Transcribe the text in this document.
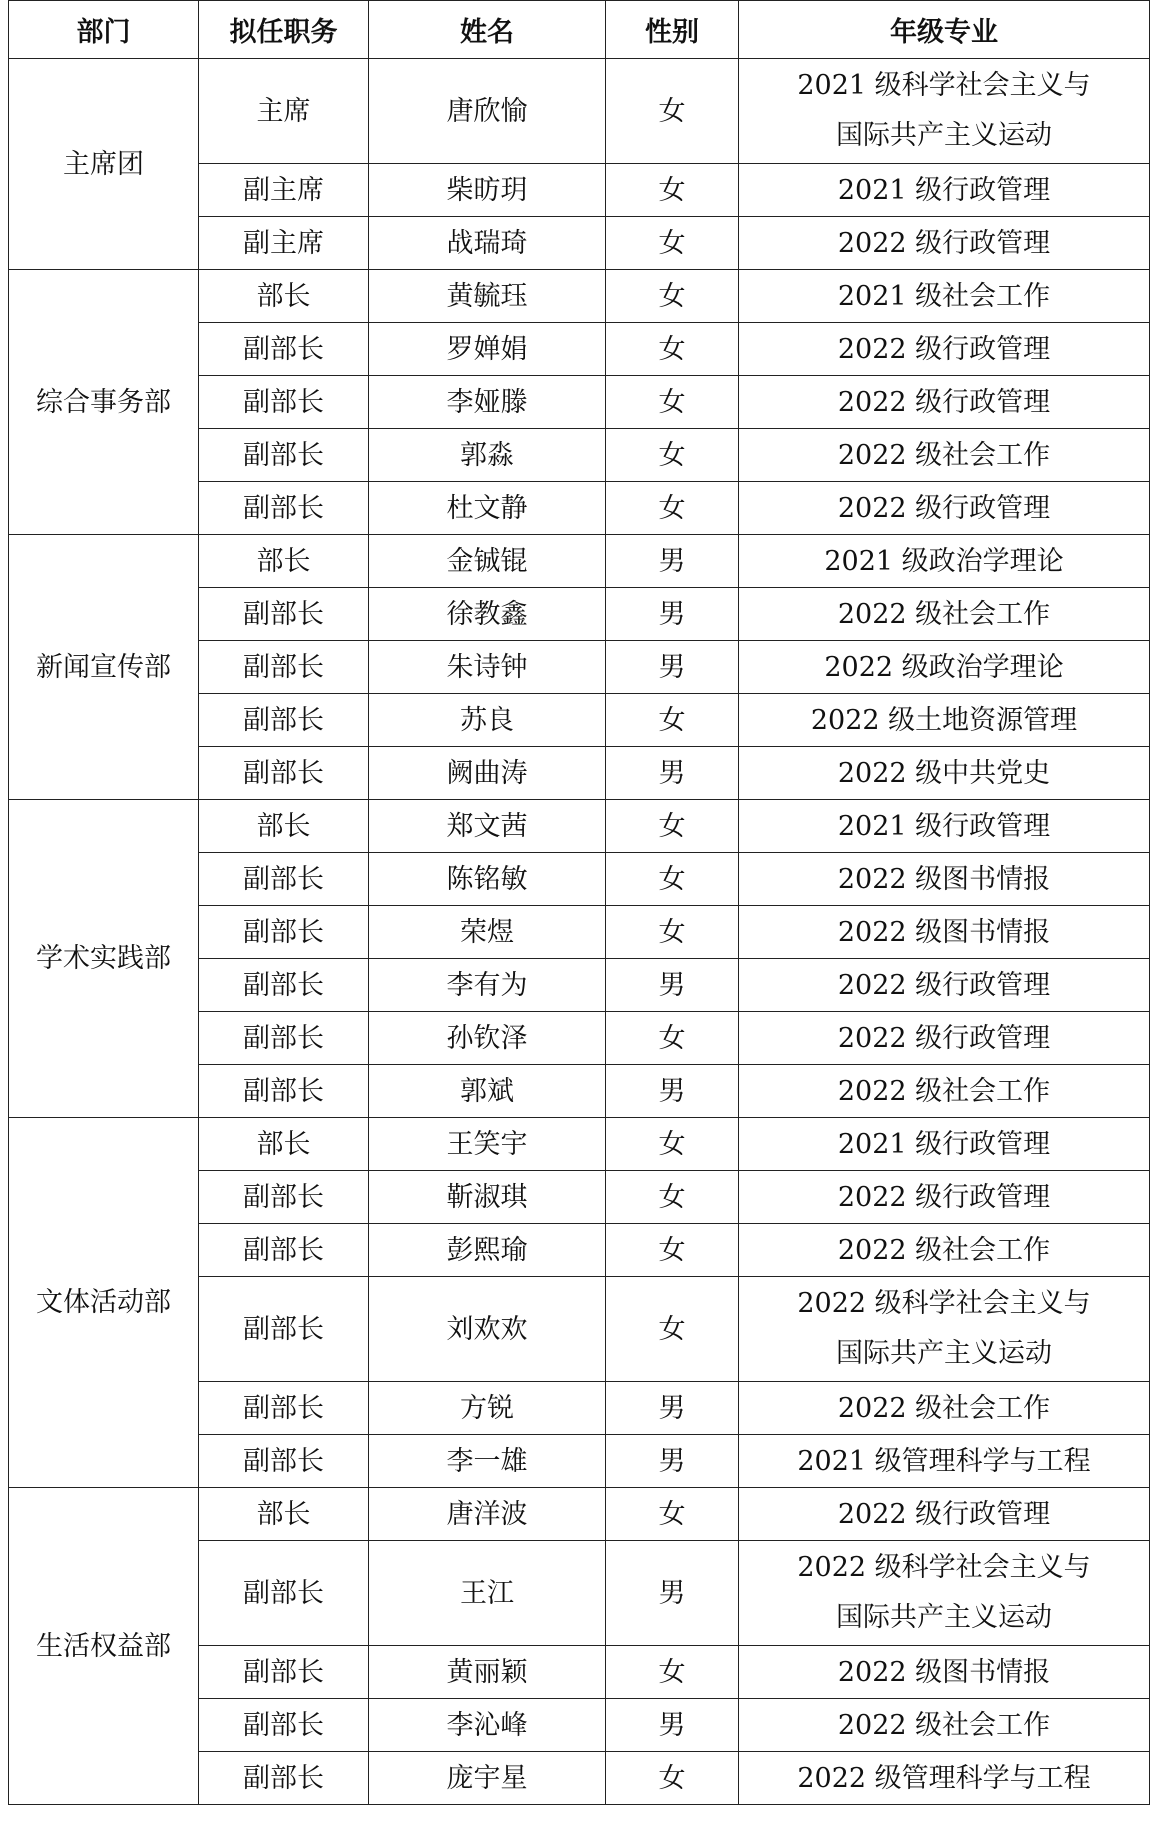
部门	拟任职务	姓名	性别	年级专业
主席团	主席	唐欣愉	女	2021 级科学社会主义与
国际共产主义运动

	副主席	柴昉玥	女	2021 级行政管理

	副主席	战瑞琦	女	2022 级行政管理

综合事务部	部长	黄毓珏	女	2021 级社会工作

	副部长	罗婵娟	女	2022 级行政管理

	副部长	李娅滕	女	2022 级行政管理

	副部长	郭淼	女	2022 级社会工作

	副部长	杜文静	女	2022 级行政管理

新闻宣传部	部长	金铖锟	男	2021 级政治学理论

	副部长	徐教鑫	男	2022 级社会工作

	副部长	朱诗钟	男	2022 级政治学理论

	副部长	苏良	女	2022 级土地资源管理

	副部长	阙曲涛	男	2022 级中共党史

学术实践部	部长	郑文茜	女	2021 级行政管理

	副部长	陈铭敏	女	2022 级图书情报

	副部长	荣煜	女	2022 级图书情报

	副部长	李有为	男	2022 级行政管理

	副部长	孙钦泽	女	2022 级行政管理

	副部长	郭斌	男	2022 级社会工作

文体活动部	部长	王笑宇	女	2021 级行政管理

	副部长	靳淑琪	女	2022 级行政管理

	副部长	彭熙瑜	女	2022 级社会工作

	副部长	刘欢欢	女	2022 级科学社会主义与
国际共产主义运动

	副部长	方锐	男	2022 级社会工作

	副部长	李一雄	男	2021 级管理科学与工程

生活权益部	部长	唐洋波	女	2022 级行政管理

	副部长	王江	男	2022 级科学社会主义与
国际共产主义运动

	副部长	黄丽颖	女	2022 级图书情报

	副部长	李沁峰	男	2022 级社会工作

	副部长	庞宇星	女	2022 级管理科学与工程
